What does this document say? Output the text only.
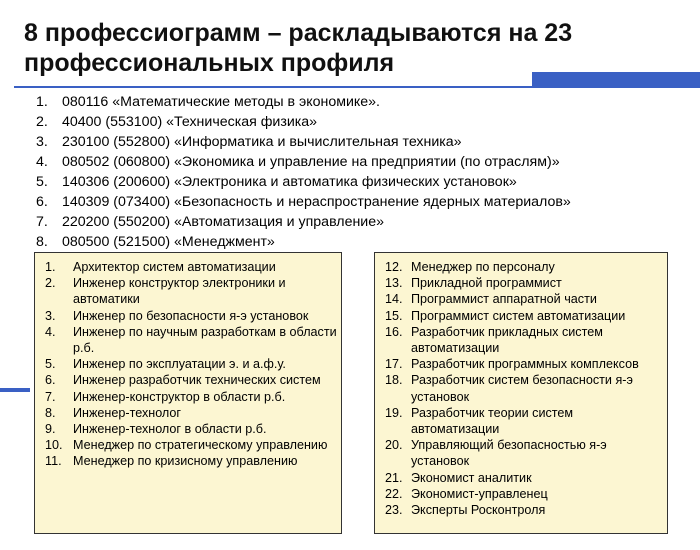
8 профессиограмм – раскладываются на 23
профессиональных профиля
1. 080116 «Математические методы в экономике».
2. 40400 (553100) «Техническая физика»
3. 230100 (552800) «Информатика и вычислительная техника»
4. 080502 (060800) «Экономика и управление на предприятии (по отраслям)»
5. 140306 (200600) «Электроника и автоматика физических установок»
6. 140309 (073400) «Безопасность и нераспространение ядерных материалов»
7. 220200 (550200) «Автоматизация и управление»
8. 080500 (521500) «Менеджмент»
1.	Архитектор систем автоматизации
2.	Инженер конструктор электроники и автоматики
3.	Инженер по безопасности я-э установок
4.	Инженер по научным разработкам в области р.б.
5.	Инженер по эксплуатации э. и а.ф.у.
6.	Инженер разработчик технических систем
7.	Инженер-конструктор в области р.б.
8.	Инженер-технолог
9.	Инженер-технолог в области р.б.
10. Менеджер по стратегическому управлению
11. Менеджер по кризисному управлению
12. Менеджер по персоналу
13. Прикладной программист
14. Программист аппаратной части
15. Программист систем автоматизации
16. Разработчик прикладных систем автоматизации
17. Разработчик программных комплексов
18. Разработчик систем безопасности я-э установок
19. Разработчик теории систем автоматизации
20. Управляющий безопасностью я-э установок
21. Экономист аналитик
22. Экономист-управленец
23. Эксперты Росконтроля
